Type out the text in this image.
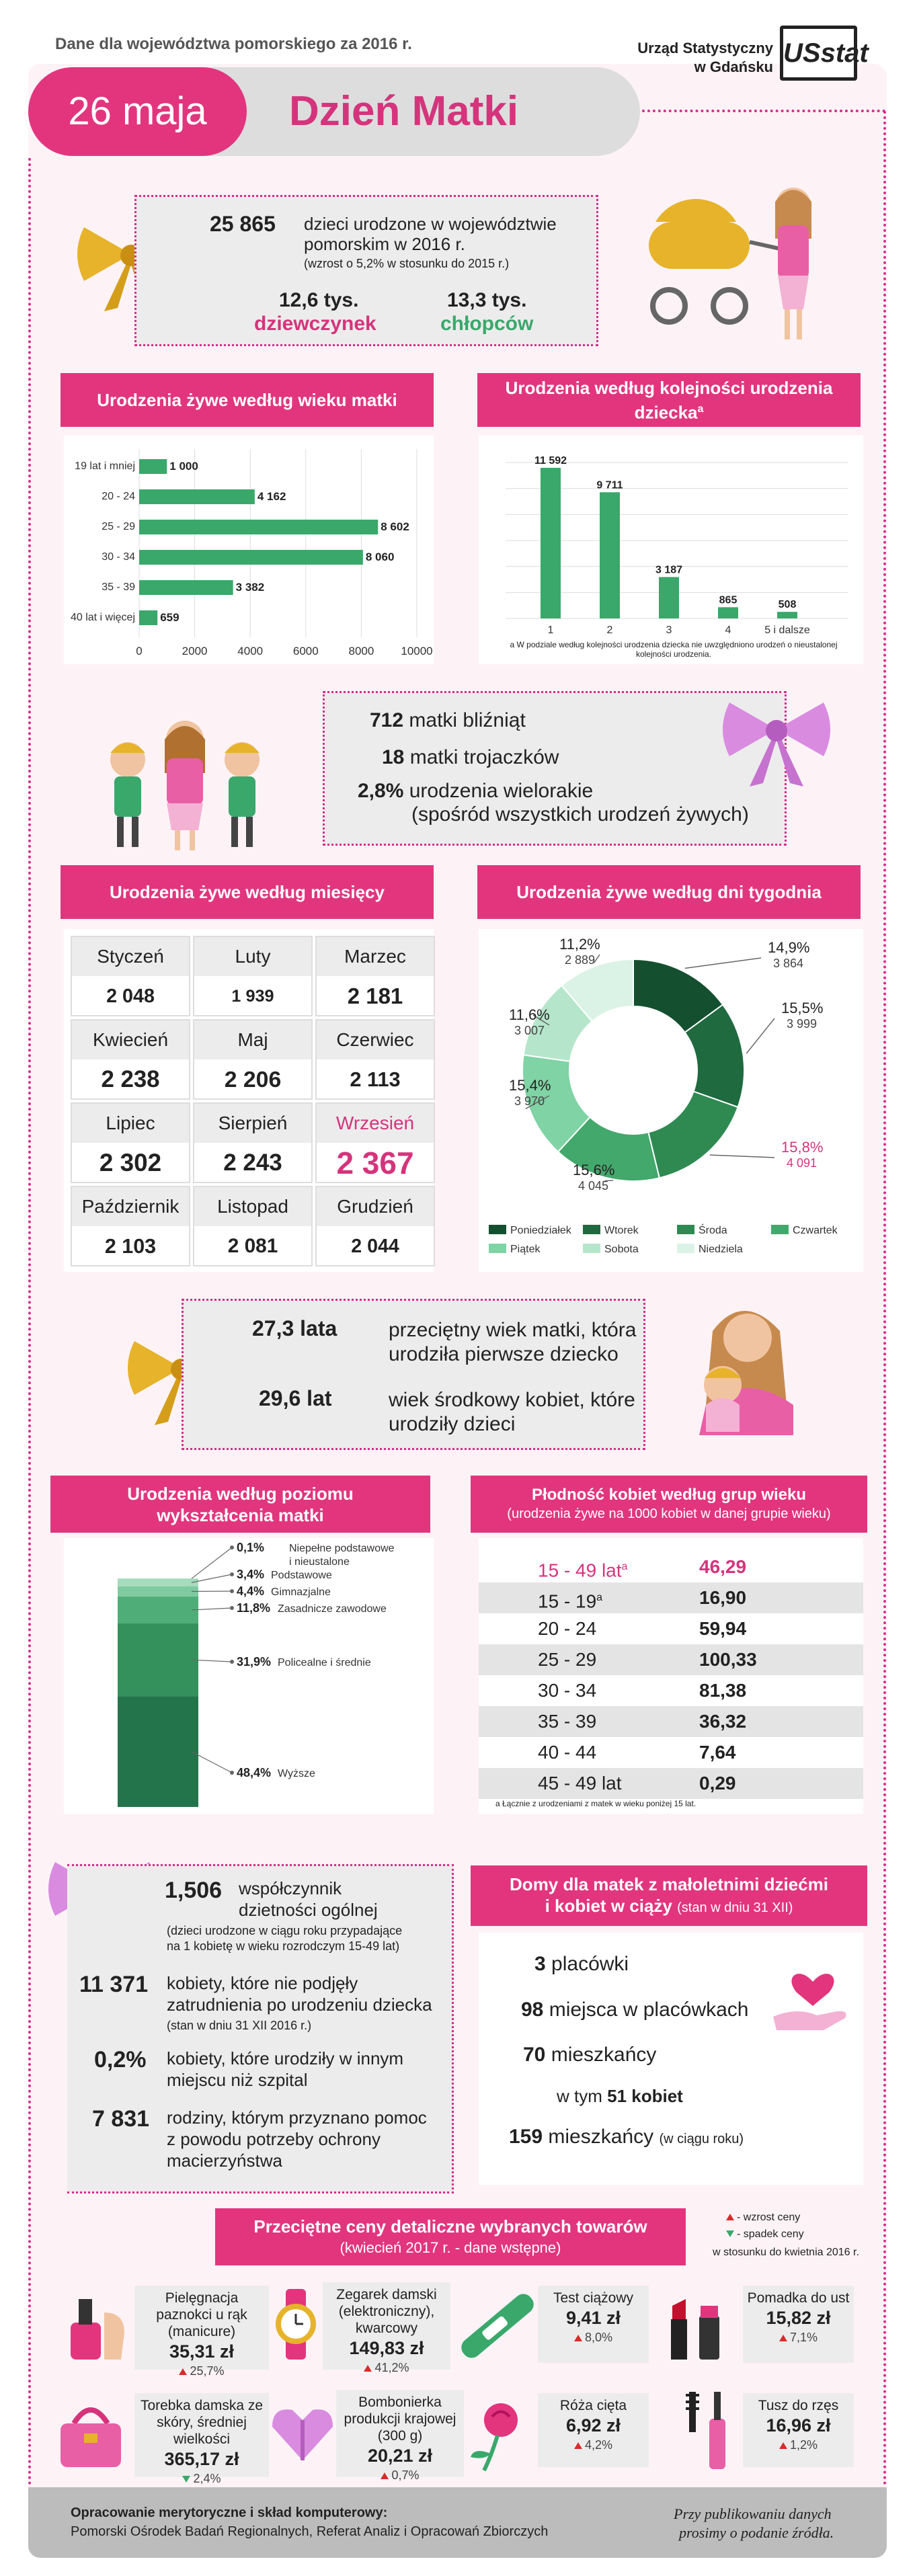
Dane dla województwa pomorskiego za 2016 r.	Urząd Statystyczny
w Gdańsku USstat
26 maja	Dzień Matki
25 865 dzieci urodzone w województwie
pomorskim w 2016 r.
(wzrost o 5,2% w stosunku do 2015 r.)
12,6 tys.
dziewczynek
13,3 tys.
chłopców
Urodzenia żywe według wieku matki
0	2000	4000	6000	8000 10000
19 lat i mniej	1 000
20 - 24	4 162
25 - 29	8 602
30 - 34	8 060
35 - 39	3 382
40 lat i więcej 659
Urodzenia według kolejności urodzenia dziecka$^a$
11 592
1
9 711
2
3 187
3
865
4
508
5 i dalsze
a W podziale według kolejności urodzenia dziecka nie uwzględniono urodzeń o nieustalonej kolejności urodzenia.
712 matki bliźniąt
18 matki trojaczków
2,8% urodzenia wielorakie
(spośród wszystkich urodzeń żywych)
Urodzenia żywe według miesięcy
Styczeń
2 048
Luty
1 939
Marzec
2 181
Kwiecień
2 238
Maj
2 206
Czerwiec
2 113
Lipiec
2 302
Sierpień
2 243
Wrzesień
2 367
Październik
2 103
Listopad
2 081
Grudzień
2 044
Urodzenia żywe według dni tygodnia
14,9%
3 864
15,5%
3 999
15,8%
4 091
15,6%
4 045
15,4%
3 970
11,6%
3 007
11,2%
2 889
Poniedziałek	Wtorek	Środa	Czwartek
Piątek	Sobota	Niedziela
27,3 lata	przeciętny wiek matki, która
urodziła pierwsze dziecko
29,6 lat	wiek środkowy kobiet, które
urodziły dzieci
Urodzenia według poziomu wykształcenia matki
0,1% Niepełne podstawowe
i nieustalone
3,4% Podstawowe
4,4% Gimnazjalne
11,8% Zasadnicze zawodowe
31,9% Policealne i średnie
48,4% Wyższe
Płodność kobiet według grup wieku
(urodzenia żywe na 1000 kobiet w danej grupie wieku)
15 - 49 lat$^a$	46,29
15 - 19$^a$	16,90
20 - 24	59,94
25 - 29	100,33
30 - 34	81,38
35 - 39	36,32
40 - 44	7,64
45 - 49 lat	0,29
a Łącznie z urodzeniami z matek w wieku poniżej 15 lat.
1,506 współczynnik
dzietności ogólnej
(dzieci urodzone w ciągu roku przypadające
na 1 kobietę w wieku rozrodczym 15-49 lat)
11 371 kobiety, które nie podjęły
zatrudnienia po urodzeniu dziecka
(stan w dniu 31 XII 2016 r.)
0,2% kobiety, które urodziły w innym
miejscu niż szpital
7 831 rodziny, którym przyznano pomoc
z powodu potrzeby ochrony
macierzyństwa
Domy dla matek z małoletnimi dziećmi
i kobiet w ciąży (stan w dniu 31 XII)
3 placówki
98 miejsca w placówkach
70 mieszkańcy
w tym 51 kobiet
159 mieszkańcy (w ciągu roku)
Przeciętne ceny detaliczne wybranych towarów
(kwiecień 2017 r. - dane wstępne)
- wzrost ceny
- spadek ceny
w stosunku do kwietnia 2016 r.
Pielęgnacja paznokci u rąk (manicure)
35,31 zł
25,7%
Zegarek damski (elektroniczny), kwarcowy
149,83 zł
41,2%
Test ciążowy
9,41 zł
8,0%
Pomadka do ust
15,82 zł
7,1%
Torebka damska ze skóry, średniej wielkości
365,17 zł
2,4%
Bombonierka produkcji krajowej (300 g)
20,21 zł
0,7%
Róża cięta
6,92 zł
4,2%
Tusz do rzęs
16,96 zł
1,2%
Opracowanie merytoryczne i skład komputerowy:
Pomorski Ośrodek Badań Regionalnych, Referat Analiz i Opracowań Zbiorczych
Przy publikowaniu danych
prosimy o podanie źródła.
